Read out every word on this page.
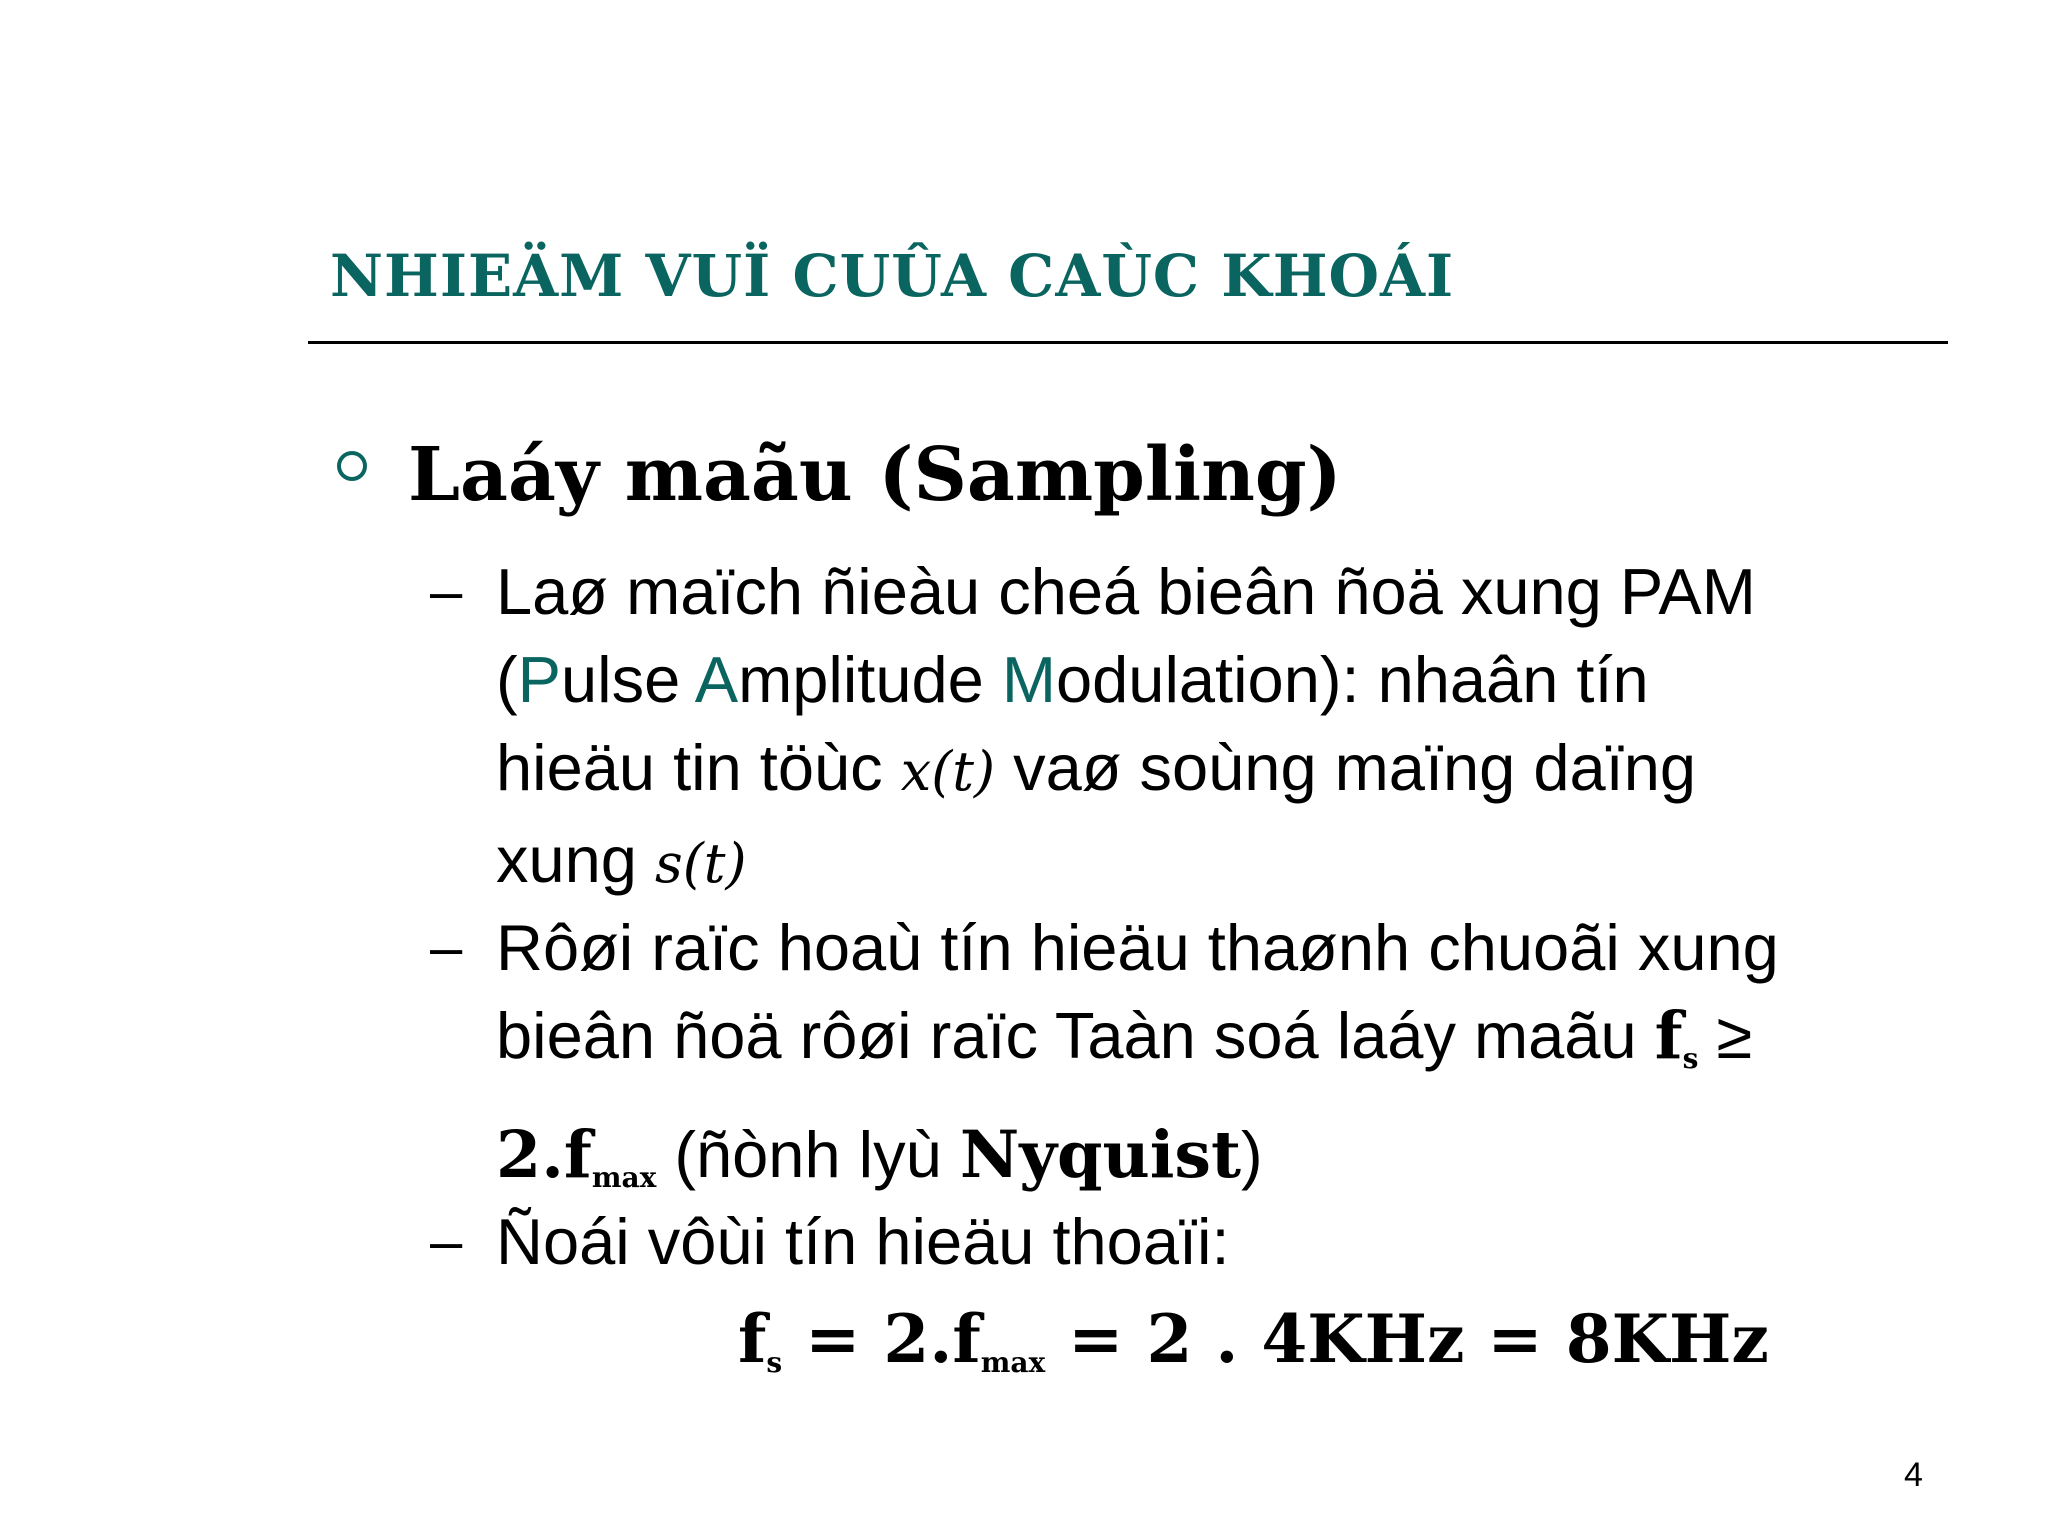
NHIEÄM VUÏ CUÛA CAÙC KHOÁI
Laáy maãu (Sampling)
– Laø maïch ñieàu cheá bieân ñoä xung PAM
(Pulse Amplitude Modulation): nhaân tín
hieäu tin töùc x(t) vaø soùng maïng daïng
xung s(t)
– Rôøi raïc hoaù tín hieäu thaønh chuoãi xung
bieân ñoä rôøi raïc Taàn soá laáy maãu $f_s$ ≥
$2.f_{max}$ (ñònh lyù Nyquist)
– Ñoái vôùi tín hieäu thoaïi:
$f_s = 2.f_{max} = 2$ . 4KHz = 8KHz
4
